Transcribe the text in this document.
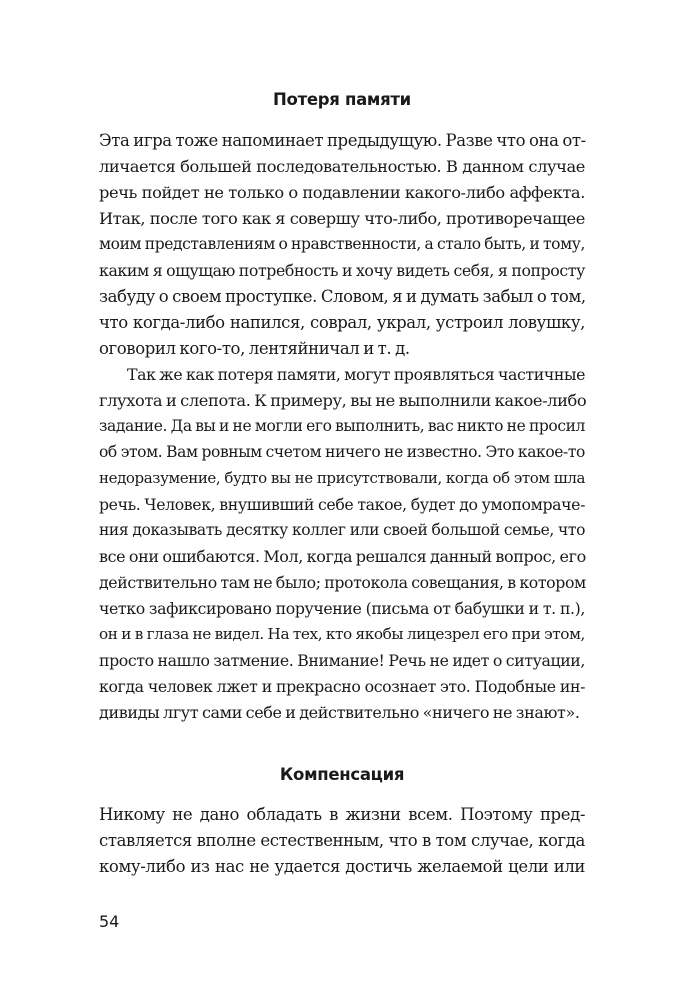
Потеря памяти

Эта игра тоже напоминает предыдущую. Разве что она от-

личается большей последовательностью. В данном случае

речь пойдет не только о подавлении какого-либо аффекта.

Итак, после того как я совершу что-либо, противоречащее

моим представлениям о нравственности, а стало быть, и тому,

каким я ощущаю потребность и хочу видеть себя, я попросту

забуду о своем проступке. Словом, я и думать забыл о том,

что когда-либо напился, соврал, украл, устроил ловушку,

оговорил кого-то, лентяйничал и т. д.

Так же как потеря памяти, могут проявляться частичные

глухота и слепота. К примеру, вы не выполнили какое-либо

задание. Да вы и не могли его выполнить, вас никто не просил

об этом. Вам ровным счетом ничего не известно. Это какое-то

недоразумение, будто вы не присутствовали, когда об этом шла

речь. Человек, внушивший себе такое, будет до умопомраче-

ния доказывать десятку коллег или своей большой семье, что

все они ошибаются. Мол, когда решался данный вопрос, его

действительно там не было; протокола совещания, в котором

четко зафиксировано поручение (письма от бабушки и т. п.),

он и в глаза не видел. На тех, кто якобы лицезрел его при этом,

просто нашло затмение. Внимание! Речь не идет о ситуации,

когда человек лжет и прекрасно осознает это. Подобные ин-

дивиды лгут сами себе и действительно «ничего не знают».

Компенсация

Никому не дано обладать в жизни всем. Поэтому пред-

ставляется вполне естественным, что в том случае, когда

кому-либо из нас не удается достичь желаемой цели или

54
